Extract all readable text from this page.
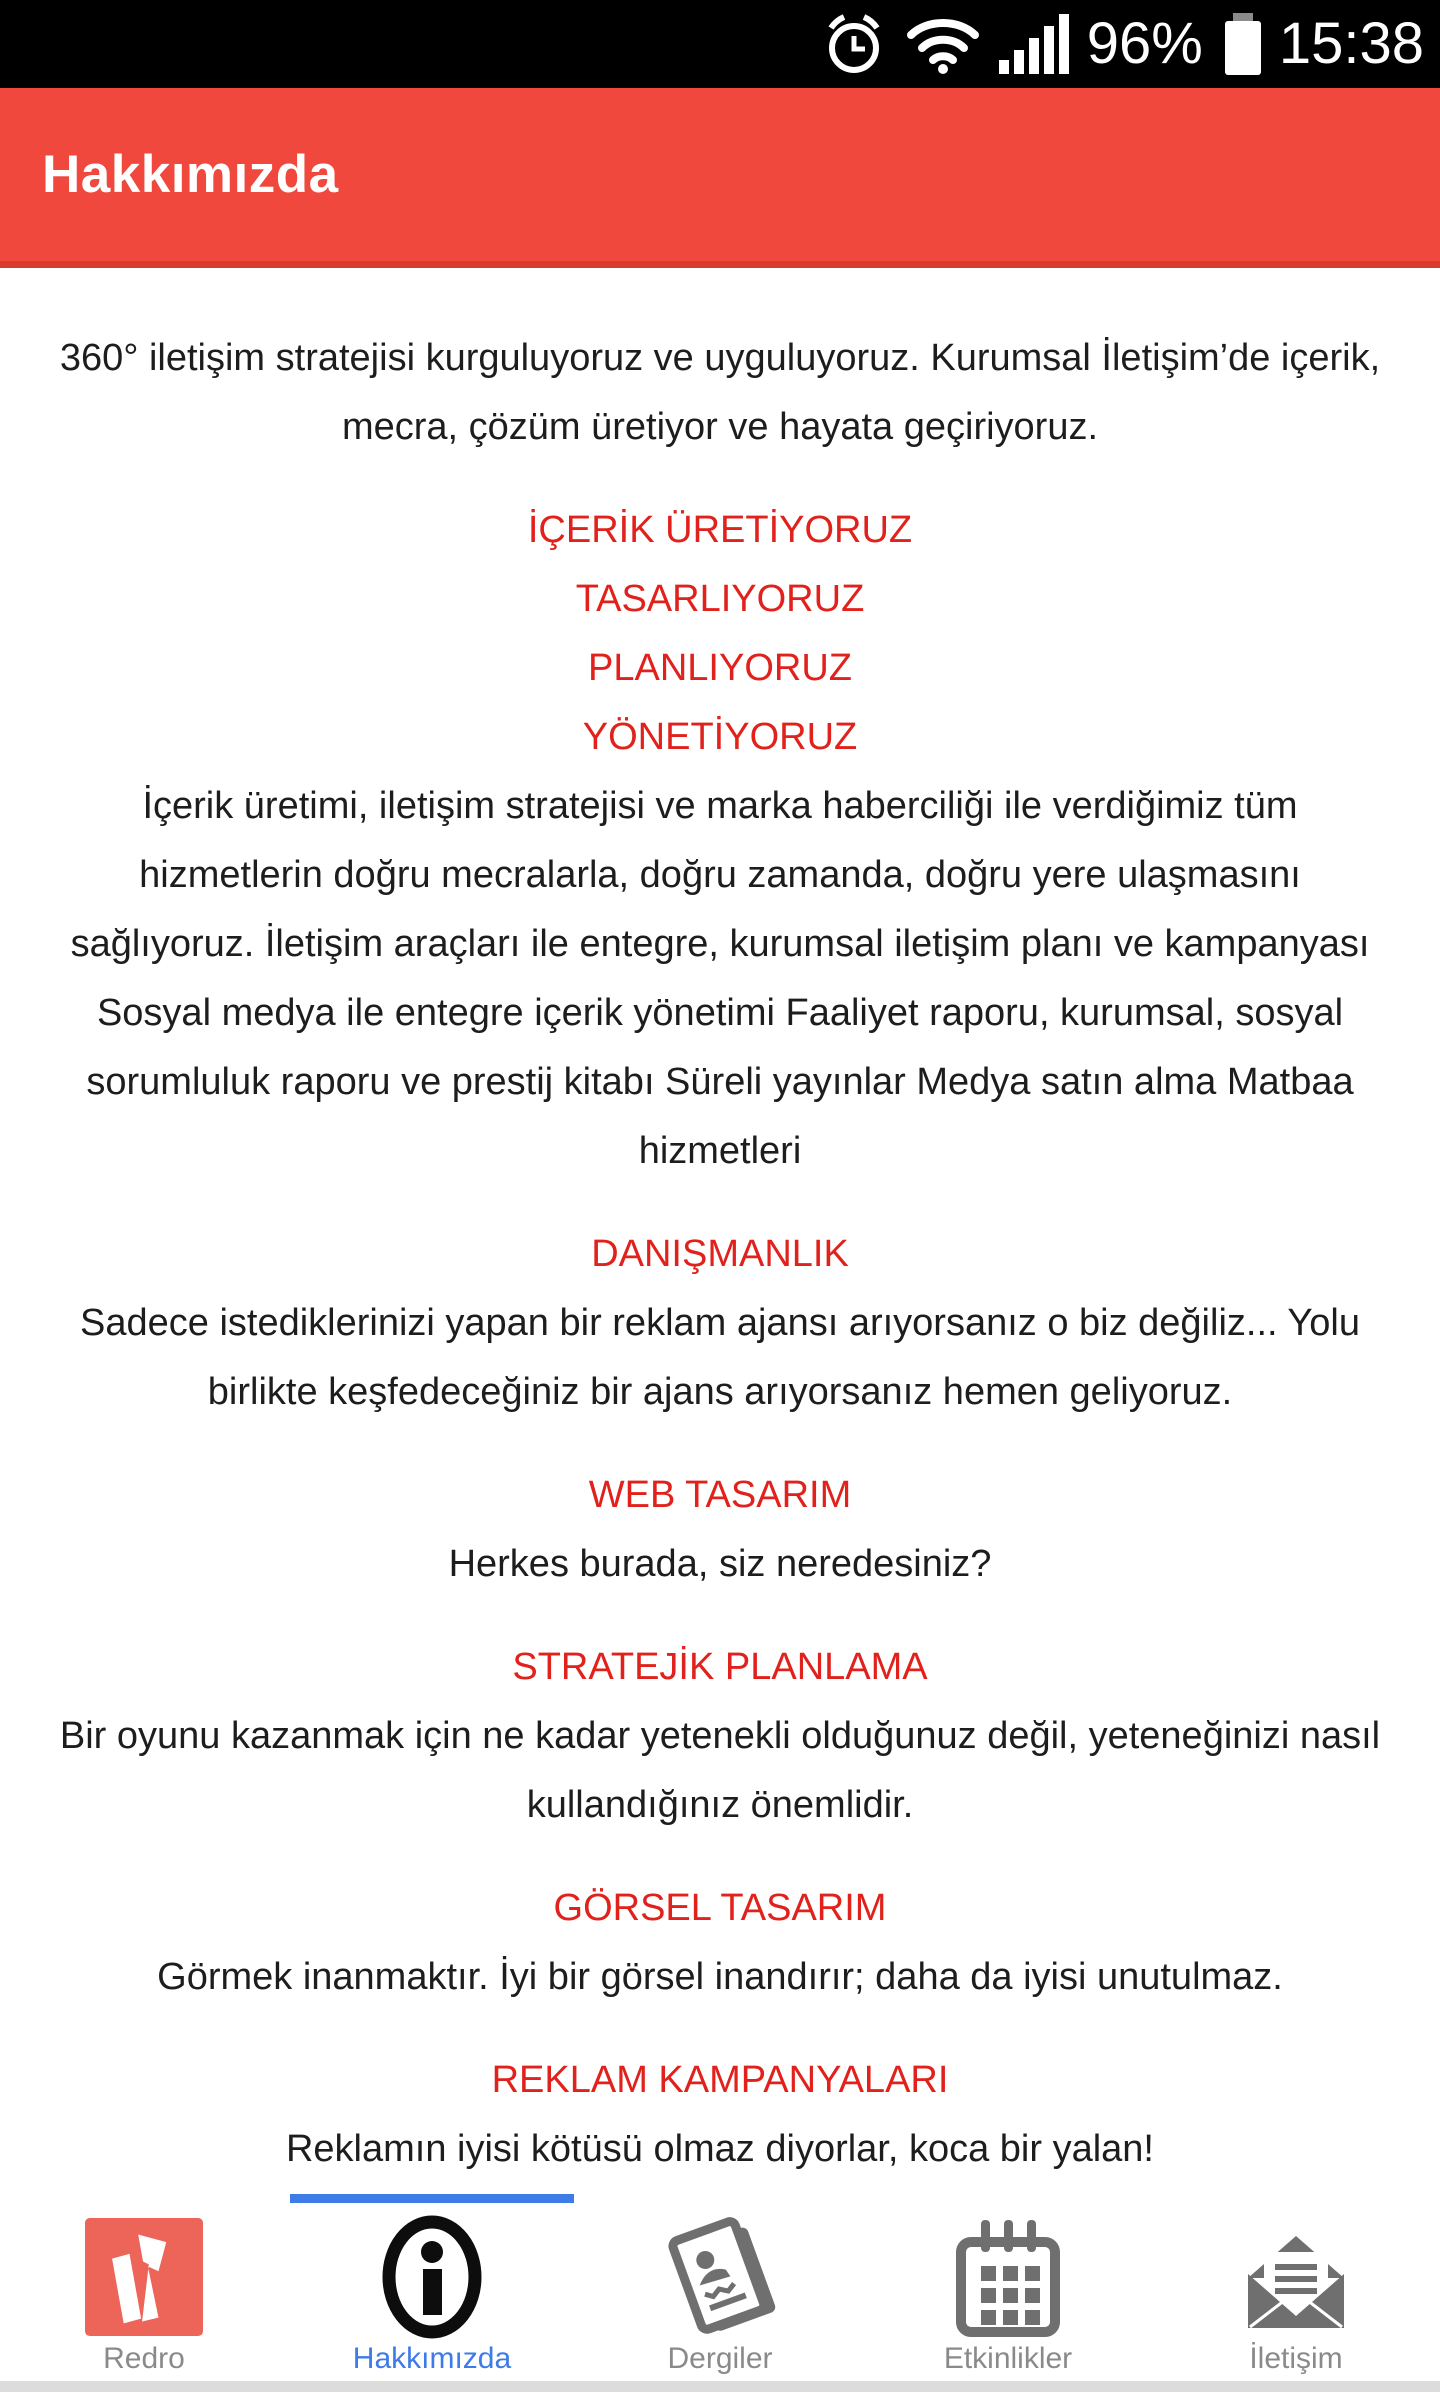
96% 15:38
Hakkımızda

360° iletişim stratejisi kurguluyoruz ve uyguluyoruz. Kurumsal İletişim’de içerik, mecra, çözüm üretiyor ve hayata geçiriyoruz.

İÇERİK ÜRETİYORUZ

TASARLIYORUZ

PLANLIYORUZ

YÖNETİYORUZ

İçerik üretimi, iletişim stratejisi ve marka haberciliği ile verdiğimiz tüm hizmetlerin doğru mecralarla, doğru zamanda, doğru yere ulaşmasını sağlıyoruz. İletişim araçları ile entegre, kurumsal iletişim planı ve kampanyası Sosyal medya ile entegre içerik yönetimi Faaliyet raporu, kurumsal, sosyal sorumluluk raporu ve prestij kitabı Süreli yayınlar Medya satın alma Matbaa hizmetleri

DANIŞMANLIK

Sadece istediklerinizi yapan bir reklam ajansı arıyorsanız o biz değiliz... Yolu birlikte keşfedeceğiniz bir ajans arıyorsanız hemen geliyoruz.

WEB TASARIM

Herkes burada, siz neredesiniz?

STRATEJİK PLANLAMA

Bir oyunu kazanmak için ne kadar yetenekli olduğunuz değil, yeteneğinizi nasıl kullandığınız önemlidir.

GÖRSEL TASARIM

Görmek inanmaktır. İyi bir görsel inandırır; daha da iyisi unutulmaz.

REKLAM KAMPANYALARI

Reklamın iyisi kötüsü olmaz diyorlar, koca bir yalan!

Redro	Hakkımızda	Dergiler	Etkinlikler	İletişim
